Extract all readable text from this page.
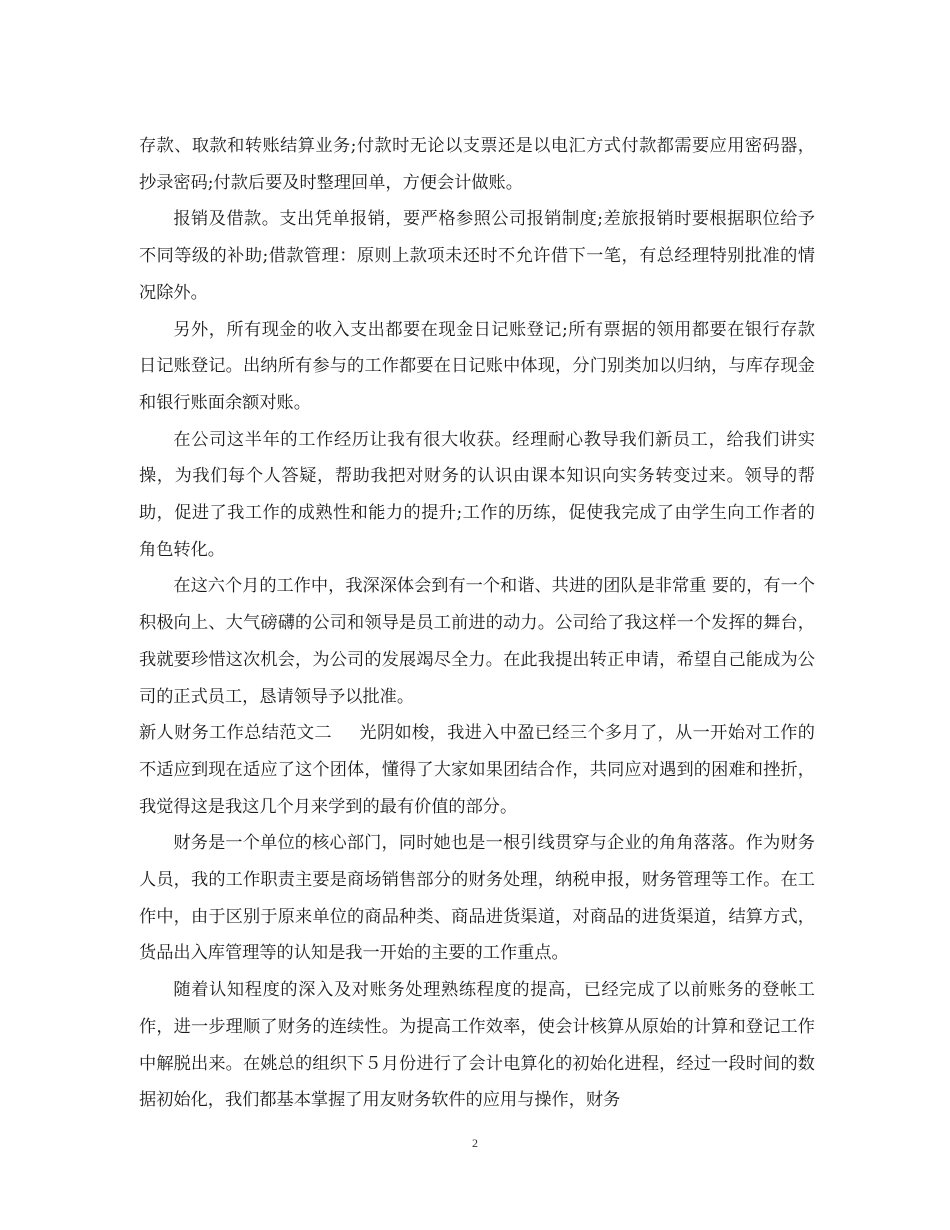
存款、取款和转账结算业务;付款时无论以支票还是以电汇方式付款都需要应用密码器，抄录密码;付款后要及时整理回单，方便会计做账。

报销及借款。支出凭单报销，要严格参照公司报销制度;差旅报销时要根据职位给予不同等级的补助;借款管理：原则上款项未还时不允许借下一笔，有总经理特别批准的情况除外。

另外，所有现金的收入支出都要在现金日记账登记;所有票据的领用都要在银行存款日记账登记。出纳所有参与的工作都要在日记账中体现，分门别类加以归纳，与库存现金和银行账面余额对账。

在公司这半年的工作经历让我有很大收获。经理耐心教导我们新员工，给我们讲实操，为我们每个人答疑，帮助我把对财务的认识由课本知识向实务转变过来。领导的帮助，促进了我工作的成熟性和能力的提升;工作的历练，促使我完成了由学生向工作者的角色转化。

在这六个月的工作中，我深深体会到有一个和谐、共进的团队是非常重 要的，有一个积极向上、大气磅礴的公司和领导是员工前进的动力。公司给了我这样一个发挥的舞台，我就要珍惜这次机会，为公司的发展竭尽全力。在此我提出转正申请，希望自己能成为公司的正式员工，恳请领导予以批准。

新人财务工作总结范文二 光阴如梭，我进入中盈已经三个多月了，从一开始对工作的不适应到现在适应了这个团体，懂得了大家如果团结合作，共同应对遇到的困难和挫折，我觉得这是我这几个月来学到的最有价值的部分。

财务是一个单位的核心部门，同时她也是一根引线贯穿与企业的角角落落。作为财务人员，我的工作职责主要是商场销售部分的财务处理，纳税申报，财务管理等工作。在工作中，由于区别于原来单位的商品种类、商品进货渠道，对商品的进货渠道，结算方式，货品出入库管理等的认知是我一开始的主要的工作重点。

随着认知程度的深入及对账务处理熟练程度的提高，已经完成了以前账务的登帐工作，进一步理顺了财务的连续性。为提高工作效率，使会计核算从原始的计算和登记工作中解脱出来。在姚总的组织下５月份进行了会计电算化的初始化进程，经过一段时间的数据初始化，我们都基本掌握了用友财务软件的应用与操作，财务

2
